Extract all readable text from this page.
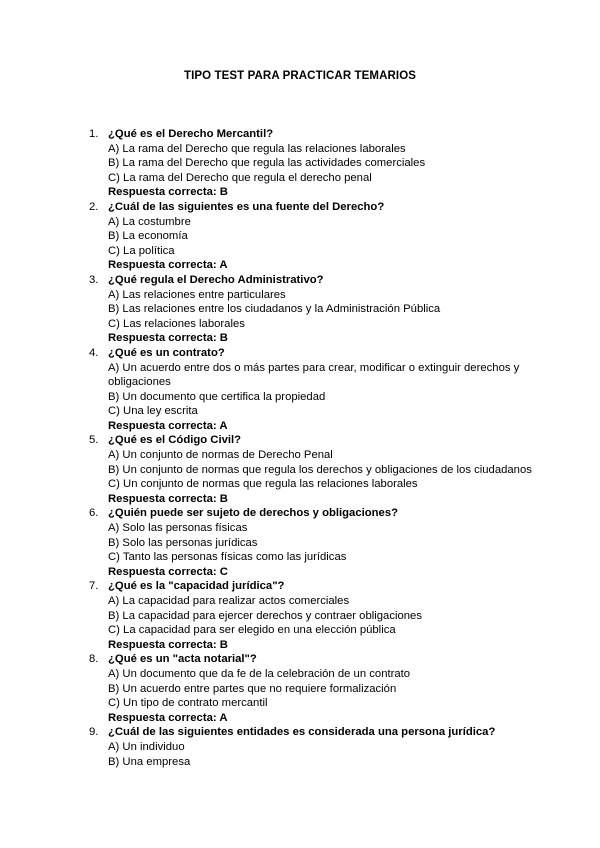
TIPO TEST PARA PRACTICAR TEMARIOS
1. ¿Qué es el Derecho Mercantil?
A) La rama del Derecho que regula las relaciones laborales
B) La rama del Derecho que regula las actividades comerciales
C) La rama del Derecho que regula el derecho penal
Respuesta correcta: B
2. ¿Cuál de las siguientes es una fuente del Derecho?
A) La costumbre
B) La economía
C) La política
Respuesta correcta: A
3. ¿Qué regula el Derecho Administrativo?
A) Las relaciones entre particulares
B) Las relaciones entre los ciudadanos y la Administración Pública
C) Las relaciones laborales
Respuesta correcta: B
4. ¿Qué es un contrato?
A) Un acuerdo entre dos o más partes para crear, modificar o extinguir derechos y obligaciones
B) Un documento que certifica la propiedad
C) Una ley escrita
Respuesta correcta: A
5. ¿Qué es el Código Civil?
A) Un conjunto de normas de Derecho Penal
B) Un conjunto de normas que regula los derechos y obligaciones de los ciudadanos
C) Un conjunto de normas que regula las relaciones laborales
Respuesta correcta: B
6. ¿Quién puede ser sujeto de derechos y obligaciones?
A) Solo las personas físicas
B) Solo las personas jurídicas
C) Tanto las personas físicas como las jurídicas
Respuesta correcta: C
7. ¿Qué es la "capacidad jurídica"?
A) La capacidad para realizar actos comerciales
B) La capacidad para ejercer derechos y contraer obligaciones
C) La capacidad para ser elegido en una elección pública
Respuesta correcta: B
8. ¿Qué es un "acta notarial"?
A) Un documento que da fe de la celebración de un contrato
B) Un acuerdo entre partes que no requiere formalización
C) Un tipo de contrato mercantil
Respuesta correcta: A
9. ¿Cuál de las siguientes entidades es considerada una persona jurídica?
A) Un individuo
B) Una empresa
